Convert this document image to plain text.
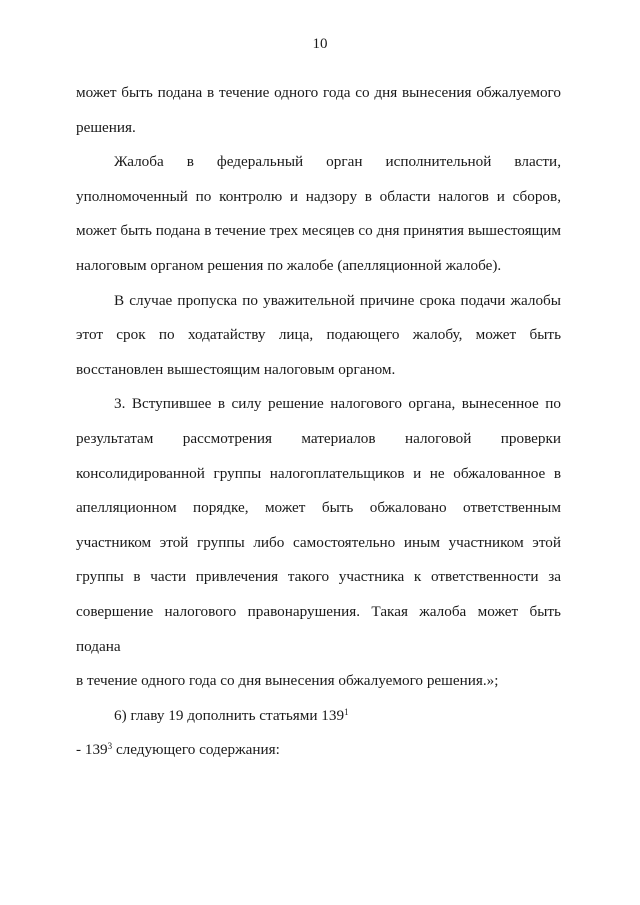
10
может быть подана в течение одного года со дня вынесения обжалуемого
решения.
Жалоба в федеральный орган исполнительной власти,
уполномоченный по контролю и надзору в области налогов и сборов,
может быть подана в течение трех месяцев со дня принятия вышестоящим
налоговым органом решения по жалобе (апелляционной жалобе).
В случае пропуска по уважительной причине срока подачи жалобы
этот срок по ходатайству лица, подающего жалобу, может быть
восстановлен вышестоящим налоговым органом.
3. Вступившее в силу решение налогового органа, вынесенное по
результатам рассмотрения материалов налоговой проверки
консолидированной группы налогоплательщиков и не обжалованное в
апелляционном порядке, может быть обжаловано ответственным
участником этой группы либо самостоятельно иным участником этой
группы в части привлечения такого участника к ответственности за
совершение налогового правонарушения. Такая жалоба может быть подана
в течение одного года со дня вынесения обжалуемого решения.»;
6) главу 19 дополнить статьями $139^1$
- $139^3$ следующего содержания:
